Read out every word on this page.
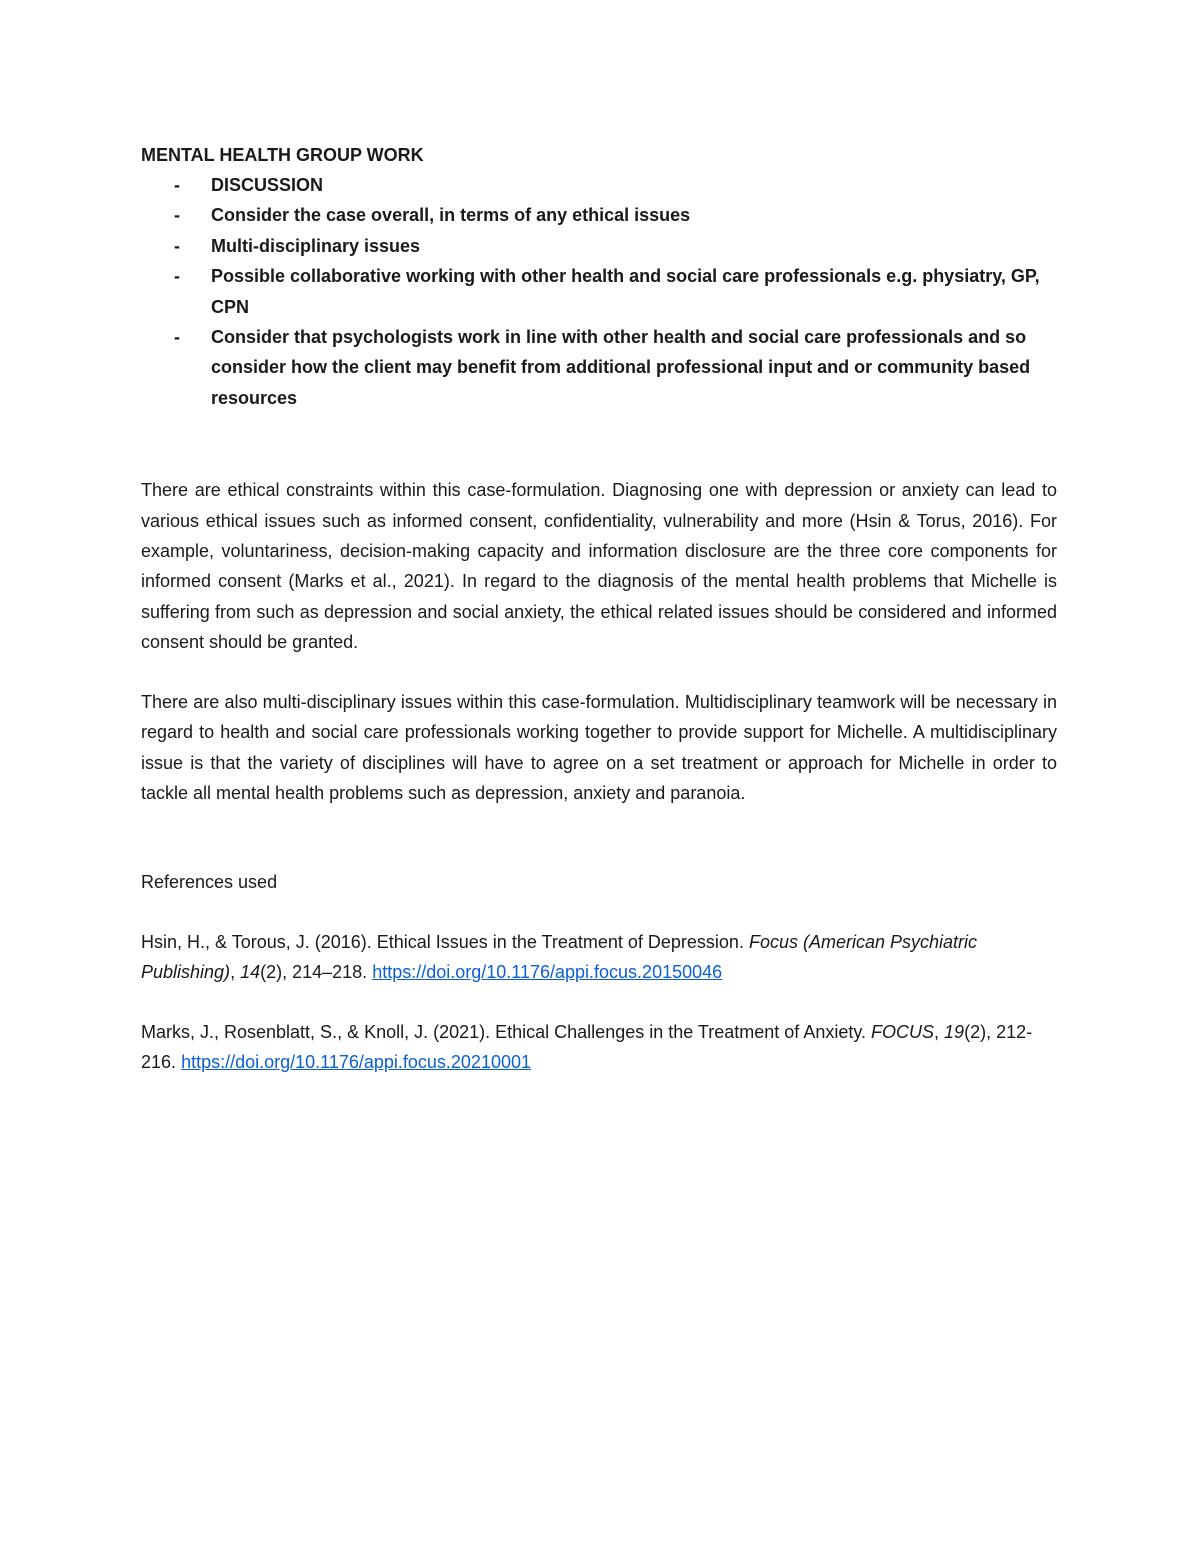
MENTAL HEALTH GROUP WORK

- DISCUSSION
- Consider the case overall, in terms of any ethical issues
- Multi-disciplinary issues
- Possible collaborative working with other health and social care professionals e.g. physiatry, GP, CPN
- Consider that psychologists work in line with other health and social care professionals and so consider how the client may benefit from additional professional input and or community based resources

There are ethical constraints within this case-formulation. Diagnosing one with depression or anxiety can lead to various ethical issues such as informed consent, confidentiality, vulnerability and more (Hsin & Torus, 2016). For example, voluntariness, decision-making capacity and information disclosure are the three core components for informed consent (Marks et al., 2021). In regard to the diagnosis of the mental health problems that Michelle is suffering from such as depression and social anxiety, the ethical related issues should be considered and informed consent should be granted.

There are also multi-disciplinary issues within this case-formulation. Multidisciplinary teamwork will be necessary in regard to health and social care professionals working together to provide support for Michelle. A multidisciplinary issue is that the variety of disciplines will have to agree on a set treatment or approach for Michelle in order to tackle all mental health problems such as depression, anxiety and paranoia.

References used

Hsin, H., & Torous, J. (2016). Ethical Issues in the Treatment of Depression. Focus (American Psychiatric Publishing), 14(2), 214–218. https://doi.org/10.1176/appi.focus.20150046

Marks, J., Rosenblatt, S., & Knoll, J. (2021). Ethical Challenges in the Treatment of Anxiety. FOCUS, 19(2), 212-216. https://doi.org/10.1176/appi.focus.20210001
